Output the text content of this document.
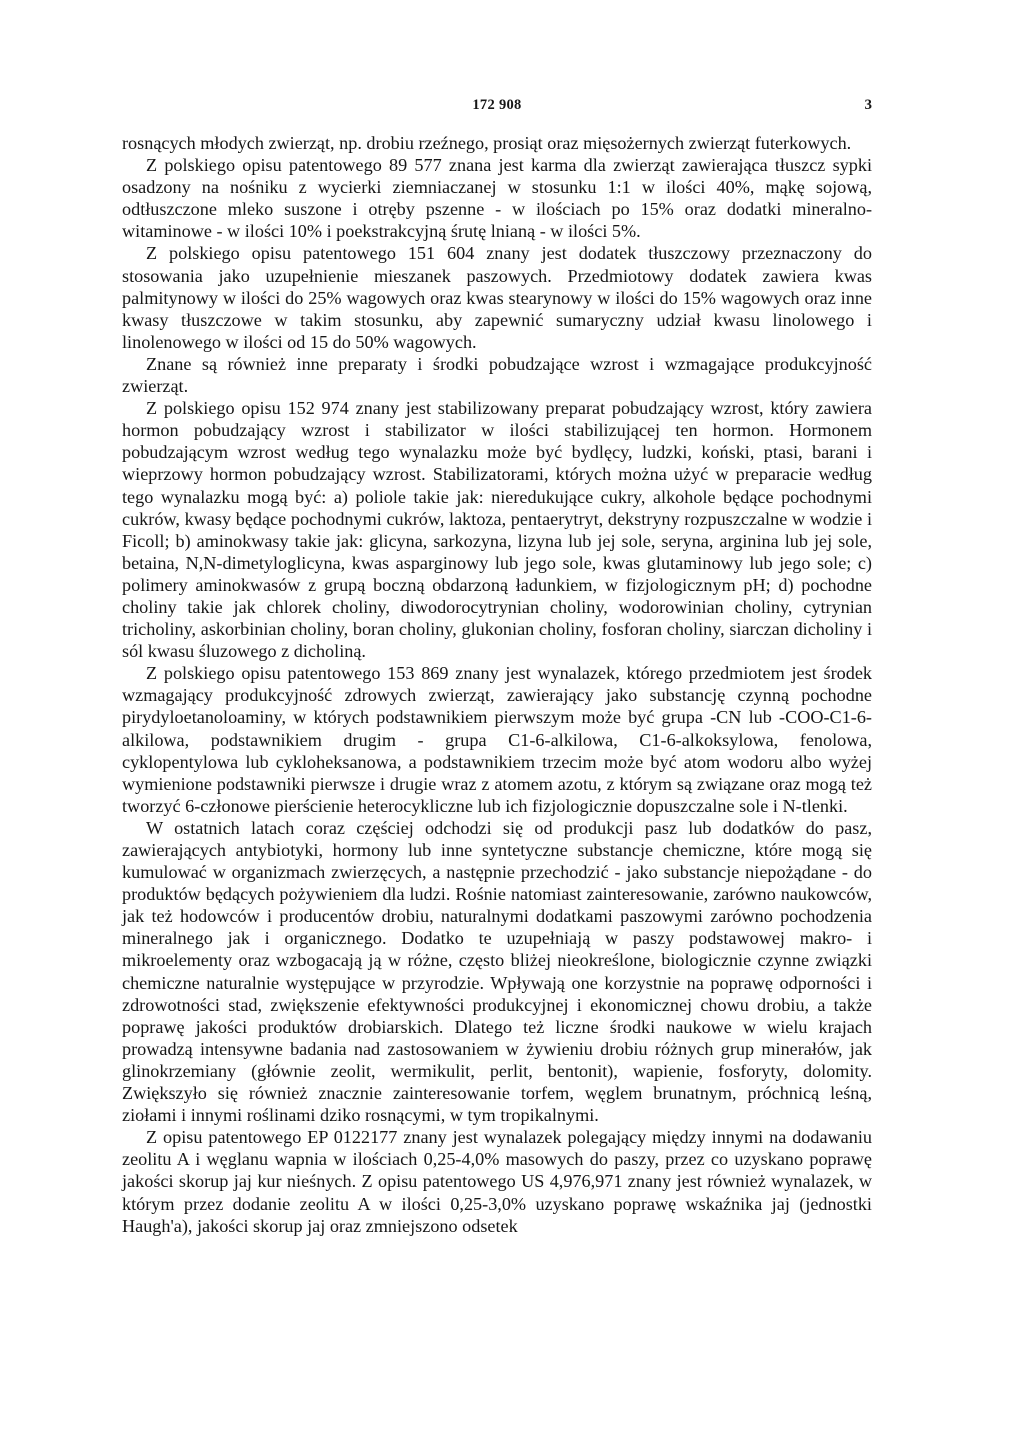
172 908	3

rosnących młodych zwierząt, np. drobiu rzeźnego, prosiąt oraz mięsożernych zwierząt futerkowych.

Z polskiego opisu patentowego 89 577 znana jest karma dla zwierząt zawierająca tłuszcz sypki osadzony na nośniku z wycierki ziemniaczanej w stosunku 1:1 w ilości 40%, mąkę sojową, odtłuszczone mleko suszone i otręby pszenne - w ilościach po 15% oraz dodatki mineralno-witaminowe - w ilości 10% i poekstrakcyjną śrutę lnianą - w ilości 5%.

Z polskiego opisu patentowego 151 604 znany jest dodatek tłuszczowy przeznaczony do stosowania jako uzupełnienie mieszanek paszowych. Przedmiotowy dodatek zawiera kwas palmitynowy w ilości do 25% wagowych oraz kwas stearynowy w ilości do 15% wagowych oraz inne kwasy tłuszczowe w takim stosunku, aby zapewnić sumaryczny udział kwasu linolowego i linolenowego w ilości od 15 do 50% wagowych.

Znane są również inne preparaty i środki pobudzające wzrost i wzmagające produkcyjność zwierząt.

Z polskiego opisu 152 974 znany jest stabilizowany preparat pobudzający wzrost, który zawiera hormon pobudzający wzrost i stabilizator w ilości stabilizującej ten hormon. Hormonem pobudzającym wzrost według tego wynalazku może być bydlęcy, ludzki, koński, ptasi, barani i wieprzowy hormon pobudzający wzrost. Stabilizatorami, których można użyć w preparacie według tego wynalazku mogą być: a) poliole takie jak: nieredukujące cukry, alkohole będące pochodnymi cukrów, kwasy będące pochodnymi cukrów, laktoza, pentaerytryt, dekstryny rozpuszczalne w wodzie i Ficoll; b) aminokwasy takie jak: glicyna, sarkozyna, lizyna lub jej sole, seryna, arginina lub jej sole, betaina, N,N-dimetyloglicyna, kwas asparginowy lub jego sole, kwas glutaminowy lub jego sole; c) polimery aminokwasów z grupą boczną obdarzoną ładunkiem, w fizjologicznym pH; d) pochodne choliny takie jak chlorek choliny, diwodorocytrynian choliny, wodorowinian choliny, cytrynian tricholiny, askorbinian choliny, boran choliny, glukonian choliny, fosforan choliny, siarczan dicholiny i sól kwasu śluzowego z dicholiną.

Z polskiego opisu patentowego 153 869 znany jest wynalazek, którego przedmiotem jest środek wzmagający produkcyjność zdrowych zwierząt, zawierający jako substancję czynną pochodne pirydyloetanoloaminy, w których podstawnikiem pierwszym może być grupa -CN lub -COO-C1-6-alkilowa, podstawnikiem drugim - grupa C1-6-alkilowa, C1-6-alkoksylowa, fenolowa, cyklopentylowa lub cykloheksanowa, a podstawnikiem trzecim może być atom wodoru albo wyżej wymienione podstawniki pierwsze i drugie wraz z atomem azotu, z którym są związane oraz mogą też tworzyć 6-członowe pierścienie heterocykliczne lub ich fizjologicznie dopuszczalne sole i N-tlenki.

W ostatnich latach coraz częściej odchodzi się od produkcji pasz lub dodatków do pasz, zawierających antybiotyki, hormony lub inne syntetyczne substancje chemiczne, które mogą się kumulować w organizmach zwierzęcych, a następnie przechodzić - jako substancje niepożądane - do produktów będących pożywieniem dla ludzi. Rośnie natomiast zainteresowanie, zarówno naukowców, jak też hodowców i producentów drobiu, naturalnymi dodatkami paszowymi zarówno pochodzenia mineralnego jak i organicznego. Dodatko te uzupełniają w paszy podstawowej makro- i mikroelementy oraz wzbogacają ją w różne, często bliżej nieokreślone, biologicznie czynne związki chemiczne naturalnie występujące w przyrodzie. Wpływają one korzystnie na poprawę odporności i zdrowotności stad, zwiększenie efektywności produkcyjnej i ekonomicznej chowu drobiu, a także poprawę jakości produktów drobiarskich. Dlatego też liczne środki naukowe w wielu krajach prowadzą intensywne badania nad zastosowaniem w żywieniu drobiu różnych grup minerałów, jak glinokrzemiany (głównie zeolit, wermikulit, perlit, bentonit), wapienie, fosforyty, dolomity. Zwiększyło się również znacznie zainteresowanie torfem, węglem brunatnym, próchnicą leśną, ziołami i innymi roślinami dziko rosnącymi, w tym tropikalnymi.

Z opisu patentowego EP 0122177 znany jest wynalazek polegający między innymi na dodawaniu zeolitu A i węglanu wapnia w ilościach 0,25-4,0% masowych do paszy, przez co uzyskano poprawę jakości skorup jaj kur nieśnych. Z opisu patentowego US 4,976,971 znany jest również wynalazek, w którym przez dodanie zeolitu A w ilości 0,25-3,0% uzyskano poprawę wskaźnika jaj (jednostki Haugh'a), jakości skorup jaj oraz zmniejszono odsetek
